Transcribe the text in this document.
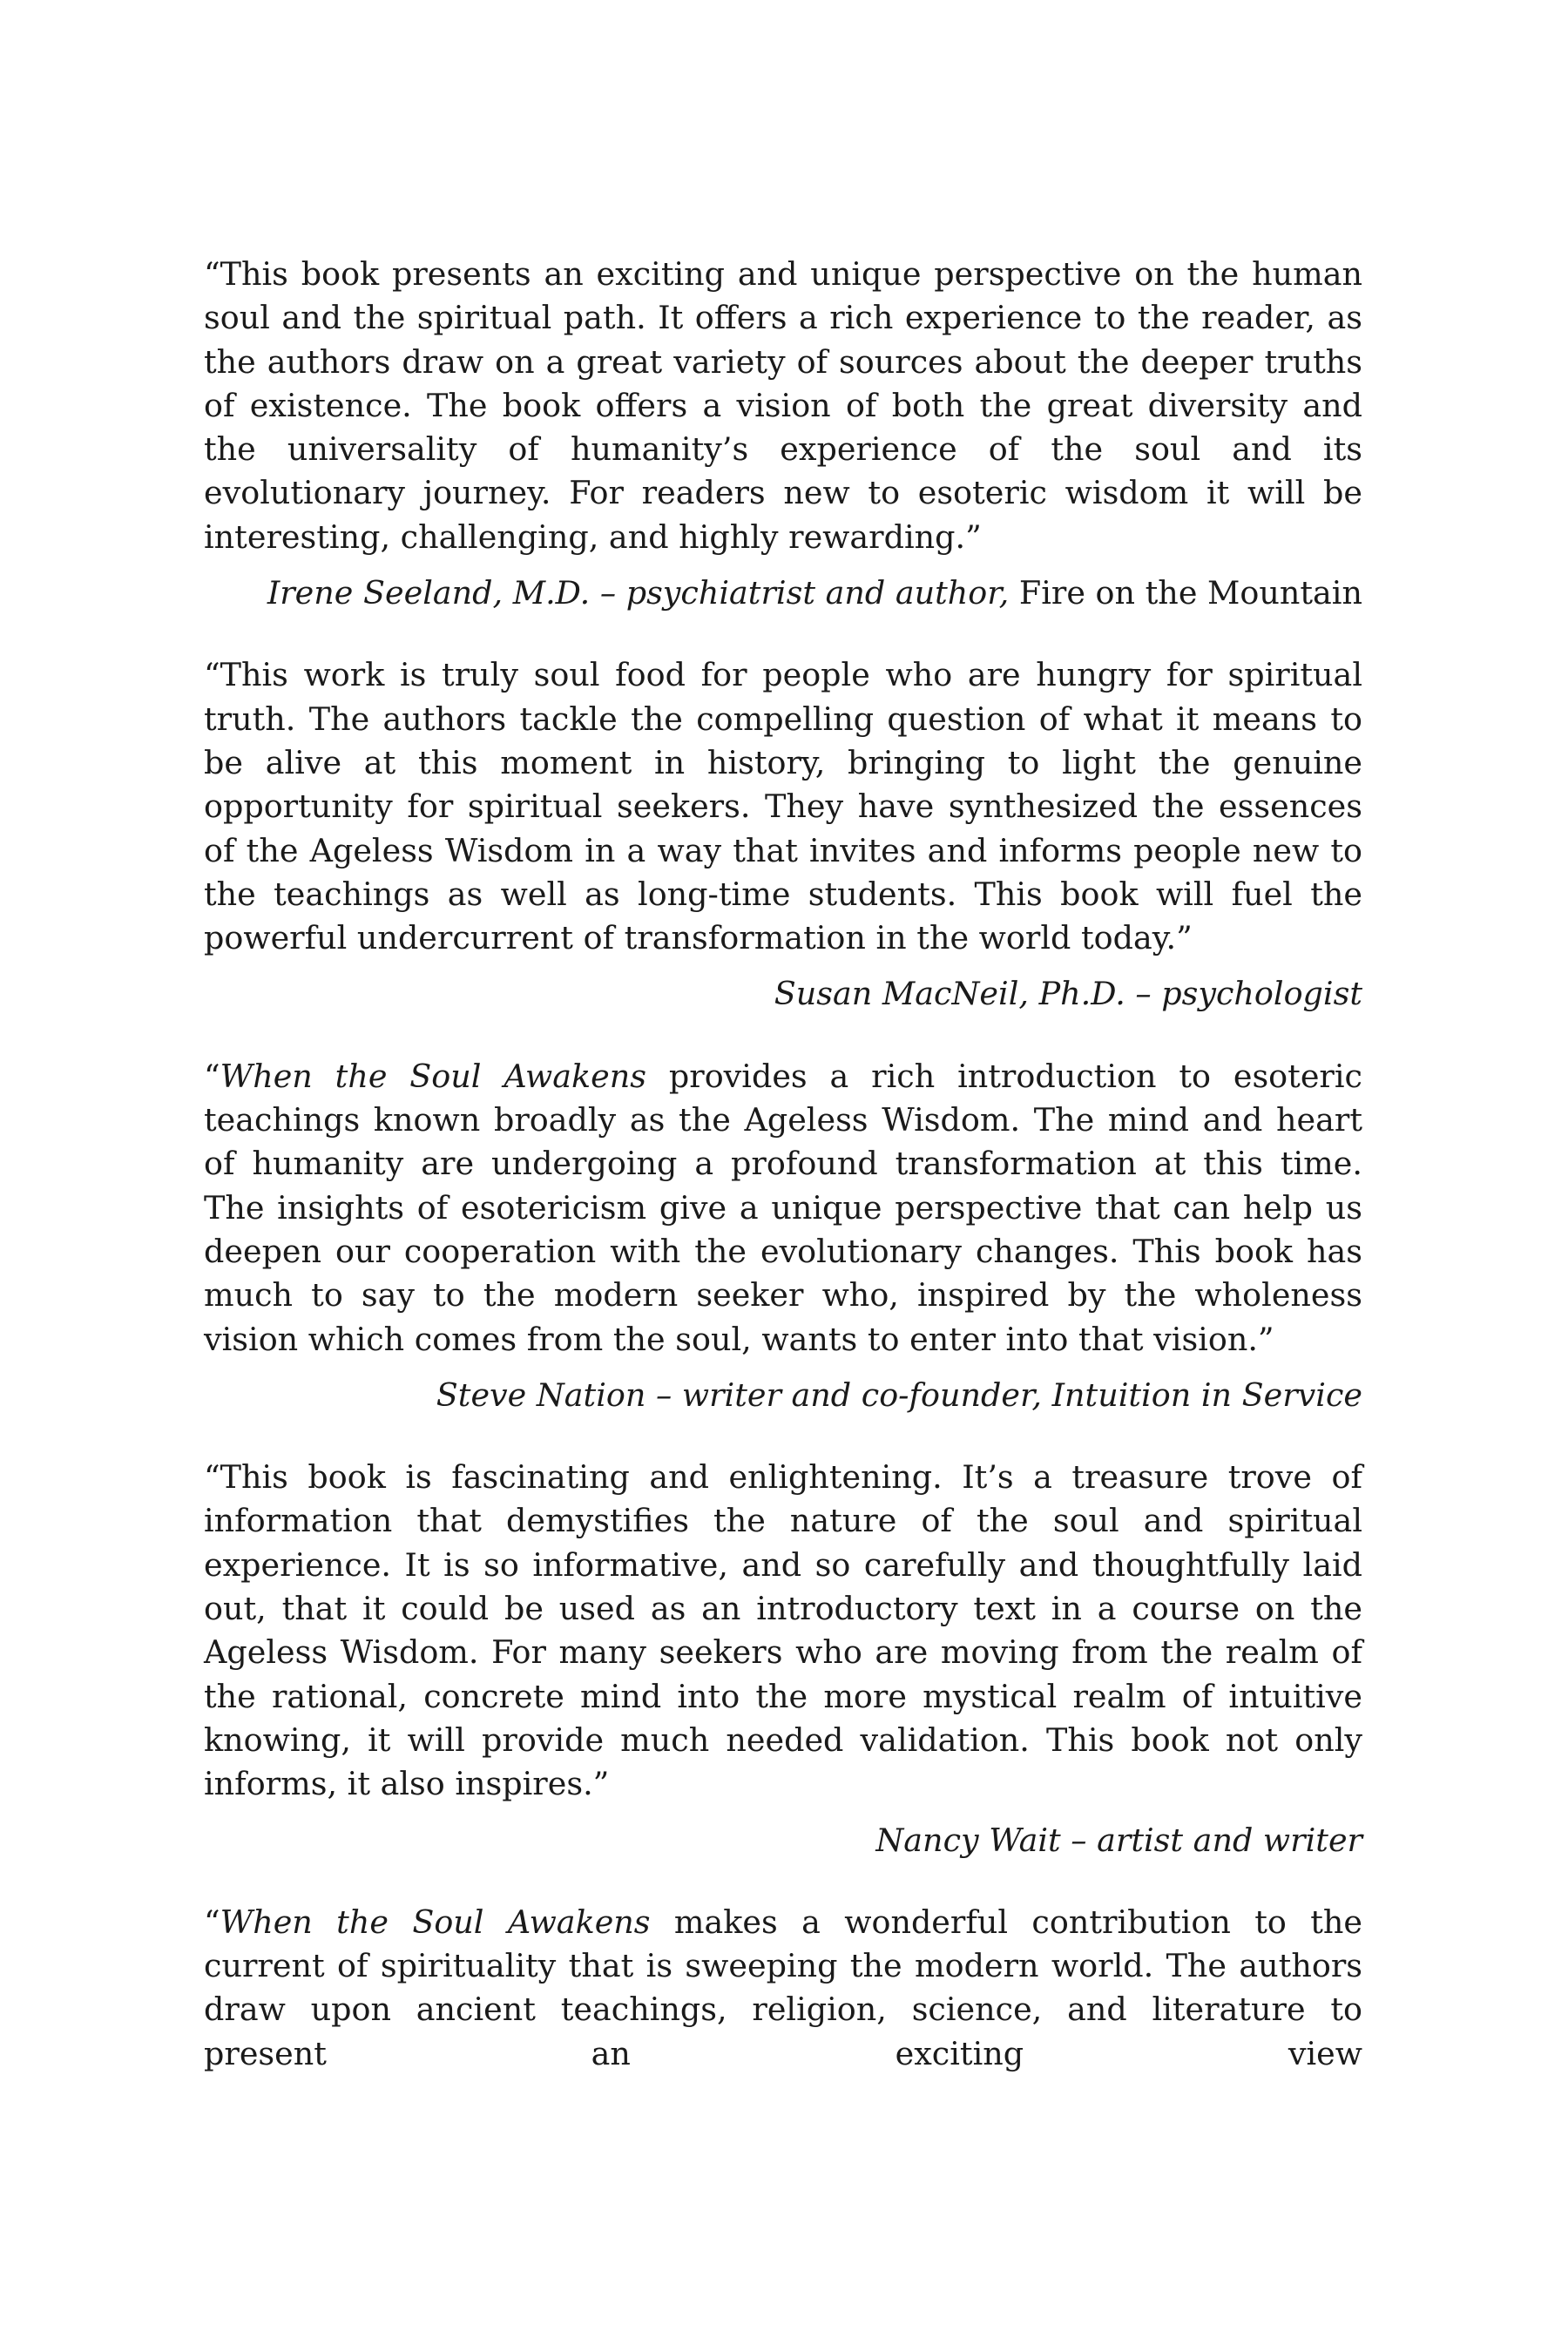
“This book presents an exciting and unique perspective on the human soul and the spiritual path. It offers a rich experience to the reader, as the authors draw on a great variety of sources about the deeper truths of existence. The book offers a vision of both the great diversity and the universality of humanity’s experience of the soul and its evolutionary journey. For readers new to esoteric wisdom it will be interesting, challenging, and highly rewarding.”

Irene Seeland, M.D. – psychiatrist and author, Fire on the Mountain

“This work is truly soul food for people who are hungry for spiritual truth. The authors tackle the compelling question of what it means to be alive at this moment in history, bringing to light the genuine opportunity for spiritual seekers. They have synthesized the essences of the Ageless Wisdom in a way that invites and informs people new to the teachings as well as long-time students. This book will fuel the powerful undercurrent of transformation in the world today.”

Susan MacNeil, Ph.D. – psychologist

“When the Soul Awakens provides a rich introduction to esoteric teachings known broadly as the Ageless Wisdom. The mind and heart of humanity are undergoing a profound transformation at this time. The insights of esotericism give a unique perspective that can help us deepen our cooperation with the evolutionary changes. This book has much to say to the modern seeker who, inspired by the wholeness vision which comes from the soul, wants to enter into that vision.”

Steve Nation – writer and co-founder, Intuition in Service

“This book is fascinating and enlightening. It’s a treasure trove of information that demystifies the nature of the soul and spiritual experience. It is so informative, and so carefully and thoughtfully laid out, that it could be used as an introductory text in a course on the Ageless Wisdom. For many seekers who are moving from the realm of the rational, concrete mind into the more mystical realm of intuitive knowing, it will provide much needed validation. This book not only informs, it also inspires.”

Nancy Wait – artist and writer

“When the Soul Awakens makes a wonderful contribution to the current of spirituality that is sweeping the modern world. The authors draw upon ancient teachings, religion, science, and literature to present an exciting view
